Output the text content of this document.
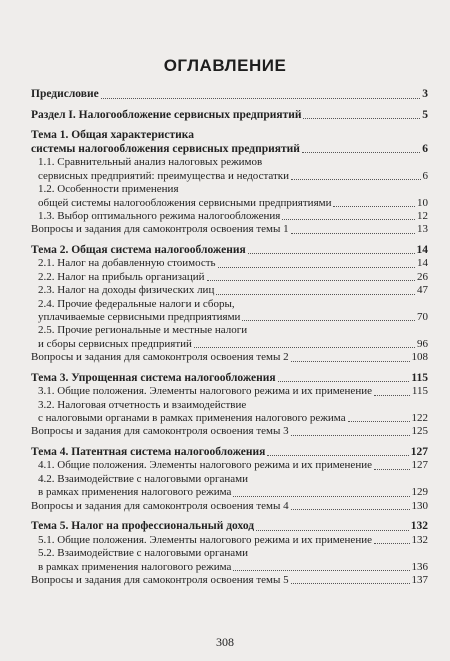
ОГЛАВЛЕНИЕ
Предисловие	3
Раздел I. Налогообложение сервисных предприятий	5
Тема 1. Общая характеристика
системы налогообложения сервисных предприятий	6
1.1. Сравнительный анализ налоговых режимов
сервисных предприятий: преимущества и недостатки	6
1.2. Особенности применения
общей системы налогообложения сервисными предприятиями	10
1.3. Выбор оптимального режима налогообложения	12
Вопросы и задания для самоконтроля освоения темы 1	13
Тема 2. Общая система налогообложения	14
2.1. Налог на добавленную стоимость	14
2.2. Налог на прибыль организаций	26
2.3. Налог на доходы физических лиц	47
2.4. Прочие федеральные налоги и сборы,
уплачиваемые сервисными предприятиями	70
2.5. Прочие региональные и местные налоги
и сборы сервисных предприятий	96
Вопросы и задания для самоконтроля освоения темы 2	108
Тема 3. Упрощенная система налогообложения	115
3.1. Общие положения. Элементы налогового режима и их применение	115
3.2. Налоговая отчетность и взаимодействие
с налоговыми органами в рамках применения налогового режима	122
Вопросы и задания для самоконтроля освоения темы 3	125
Тема 4. Патентная система налогообложения	127
4.1. Общие положения. Элементы налогового режима и их применение	127
4.2. Взаимодействие с налоговыми органами
в рамках применения налогового режима	129
Вопросы и задания для самоконтроля освоения темы 4	130
Тема 5. Налог на профессиональный доход	132
5.1. Общие положения. Элементы налогового режима и их применение	132
5.2. Взаимодействие с налоговыми органами
в рамках применения налогового режима	136
Вопросы и задания для самоконтроля освоения темы 5	137
308
